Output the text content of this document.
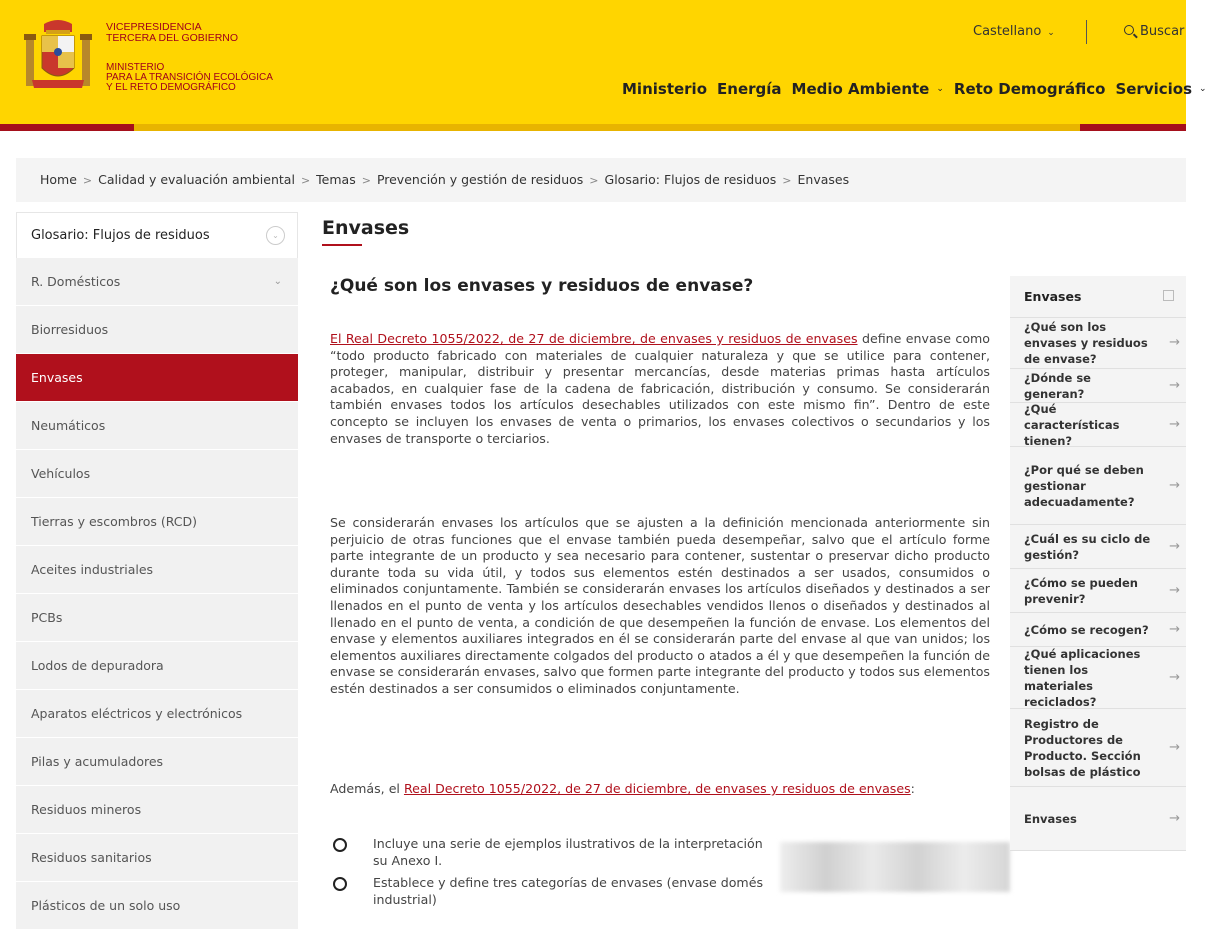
VICEPRESIDENCIA
TERCERA DEL GOBIERNO
MINISTERIO
PARA LA TRANSICIÓN ECOLÓGICA
Y EL RETO DEMOGRÁFICO
Castellano ⌄	Buscar
Ministerio Energía Medio Ambiente ⌄ Reto Demográfico Servicios ⌄
Home > Calidad y evaluación ambiental > Temas > Prevención y gestión de residuos > Glosario: Flujos de residuos > Envases
Glosario: Flujos de residuos	⌄
R. Domésticos	⌄
Biorresiduos
Envases
Neumáticos
Vehículos
Tierras y escombros (RCD)
Aceites industriales
PCBs
Lodos de depuradora
Aparatos eléctricos y electrónicos
Pilas y acumuladores
Residuos mineros
Residuos sanitarios
Plásticos de un solo uso
Envases
¿Qué son los envases y residuos de envase?
El Real Decreto 1055/2022, de 27 de diciembre, de envases y residuos de envases define envase como “todo producto fabricado con materiales de cualquier naturaleza y que se utilice para contener, proteger, manipular, distribuir y presentar mercancías, desde materias primas hasta artículos acabados, en cualquier fase de la cadena de fabricación, distribución y consumo. Se considerarán también envases todos los artículos desechables utilizados con este mismo fin”. Dentro de este concepto se incluyen los envases de venta o primarios, los envases colectivos o secundarios y los envases de transporte o terciarios.
Se considerarán envases los artículos que se ajusten a la definición mencionada anteriormente sin perjuicio de otras funciones que el envase también pueda desempeñar, salvo que el artículo forme parte integrante de un producto y sea necesario para contener, sustentar o preservar dicho producto durante toda su vida útil, y todos sus elementos estén destinados a ser usados, consumidos o eliminados conjuntamente. También se considerarán envases los artículos diseñados y destinados a ser llenados en el punto de venta y los artículos desechables vendidos llenos o diseñados y destinados al llenado en el punto de venta, a condición de que desempeñen la función de envase. Los elementos del envase y elementos auxiliares integrados en él se considerarán parte del envase al que van unidos; los elementos auxiliares directamente colgados del producto o atados a él y que desempeñen la función de envase se considerarán envases, salvo que formen parte integrante del producto y todos sus elementos estén destinados a ser consumidos o eliminados conjuntamente.
Además, el Real Decreto 1055/2022, de 27 de diciembre, de envases y residuos de envases:
Incluye una serie de ejemplos ilustrativos de la interpretación
su Anexo I.
Establece y define tres categorías de envases (envase domés
industrial)
Envases
¿Qué son los envases y residuos de envase?
→
¿Dónde se generan?
→
¿Qué características tienen?
→
¿Por qué se deben gestionar adecuadamente?
→
¿Cuál es su ciclo de gestión?
→
¿Cómo se pueden prevenir?
→
¿Cómo se recogen? →
¿Qué aplicaciones tienen los materiales reciclados?
→
Registro de Productores de Producto. Sección bolsas de plástico
→
Envases	→
